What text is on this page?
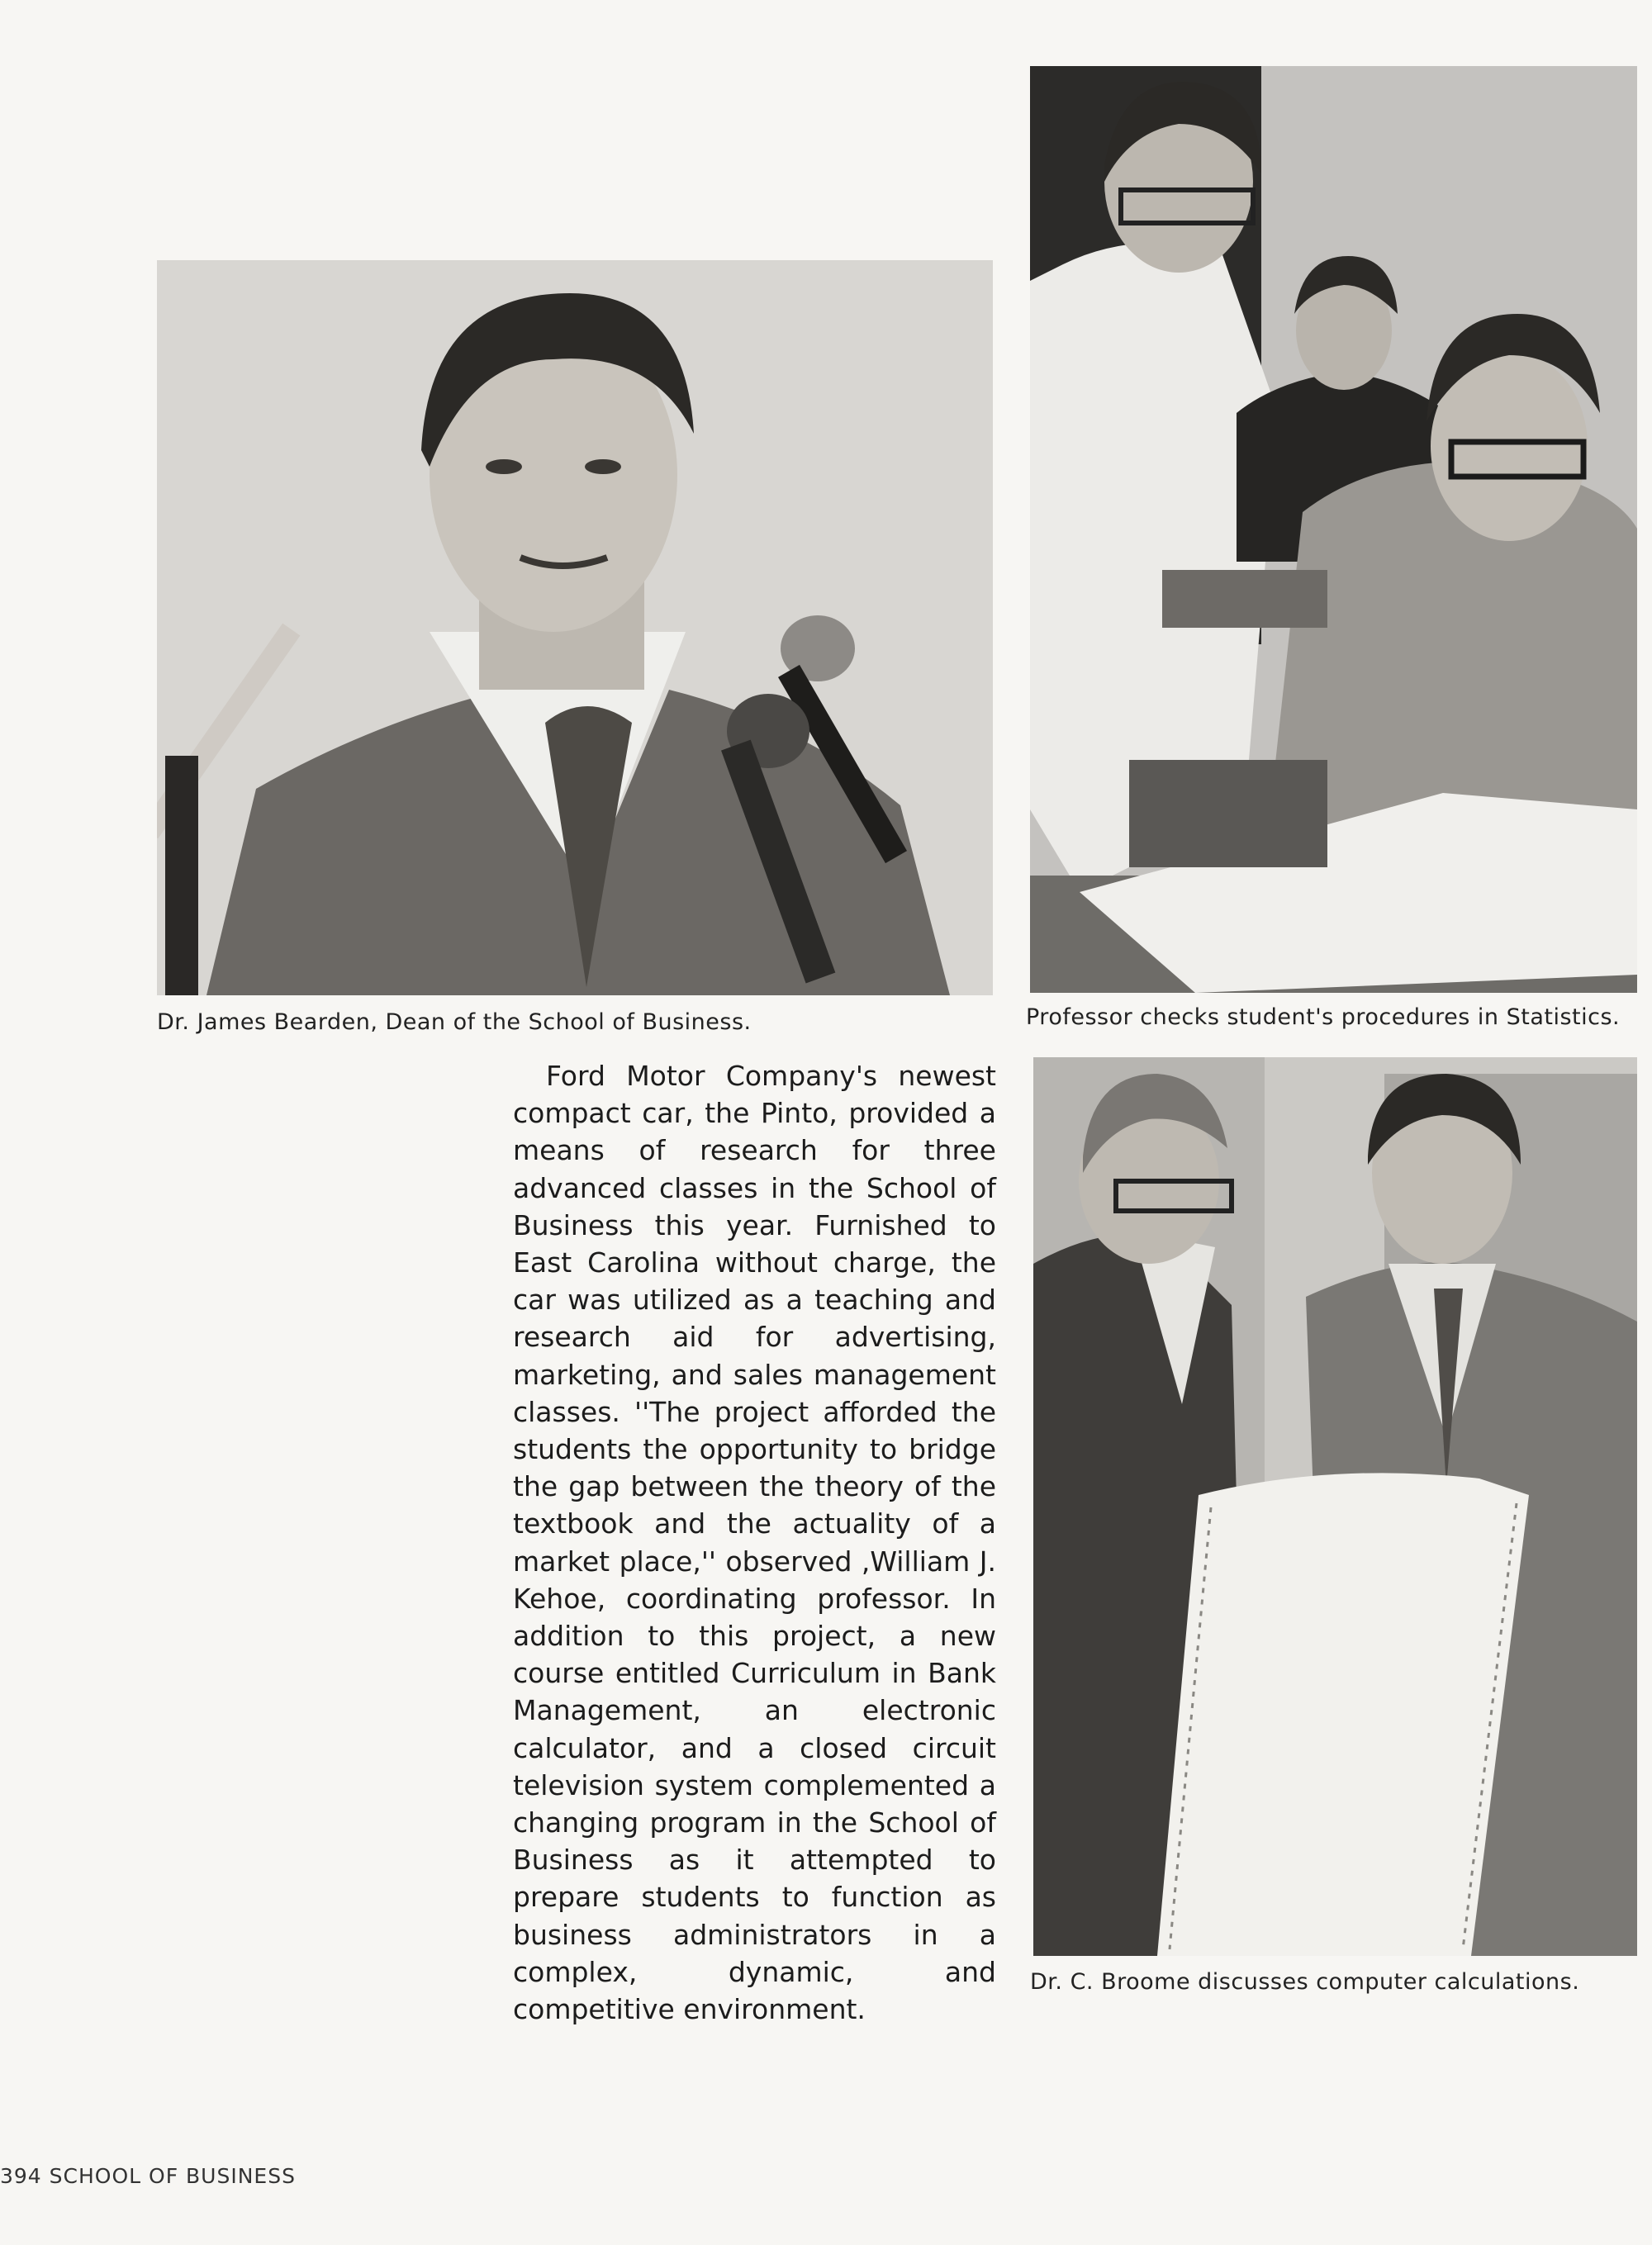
Dr. James Bearden, Dean of the School of Business.	Professor checks student's procedures in Statistics.

Ford Motor Company's newest compact car, the Pinto, provided a means of research for three advanced classes in the School of Business this year. Furnished to East Carolina without charge, the car was utilized as a teaching and research aid for advertising, marketing, and sales management classes. ''The project afforded the students the opportunity to bridge the gap between the theory of the textbook and the actuality of a market place,'' observed ,William J. Kehoe, coordinating professor. In addition to this project, a new course entitled Curriculum in Bank Management, an electronic calculator, and a closed circuit television system complemented a changing program in the School of Business as it attempted to prepare students to function as business administrators in a complex, dynamic, and competitive environment.

Dr. C. Broome discusses computer calculations.
394 SCHOOL OF BUSINESS
